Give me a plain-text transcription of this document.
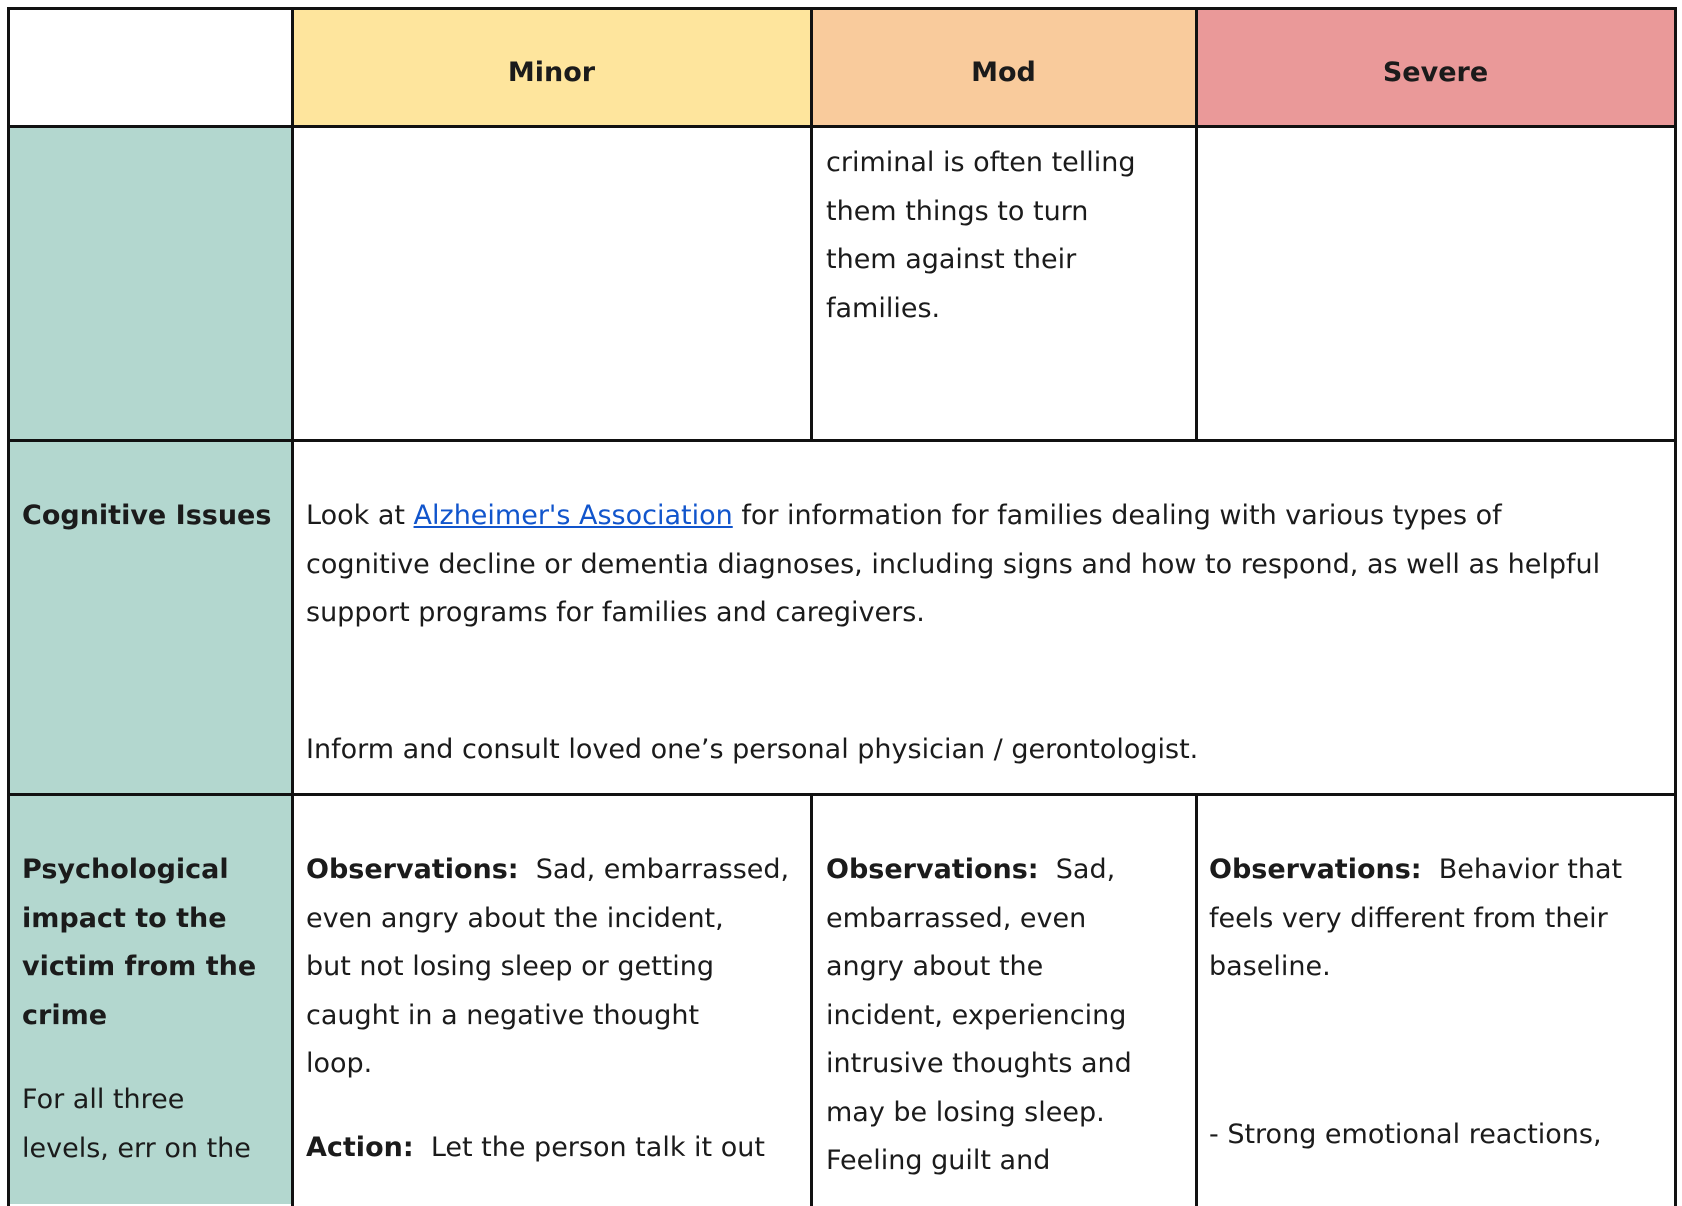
Minor	Mod	Severe
Cognitive Issues
Psychological
impact to the
victim from the
crime
For all three
levels, err on the
criminal is often telling
them things to turn
them against their
families.
Look at Alzheimer's Association for information for families dealing with various types of
cognitive decline or dementia diagnoses, including signs and how to respond, as well as helpful
support programs for families and caregivers.
Inform and consult loved one’s personal physician / gerontologist.
Observations: Sad, embarrassed,
even angry about the incident,
but not losing sleep or getting
caught in a negative thought
loop.
Action: Let the person talk it out
Observations: Sad,
embarrassed, even
angry about the
incident, experiencing
intrusive thoughts and
may be losing sleep.
Feeling guilt and
Observations: Behavior that
feels very different from their
baseline.
- Strong emotional reactions,
